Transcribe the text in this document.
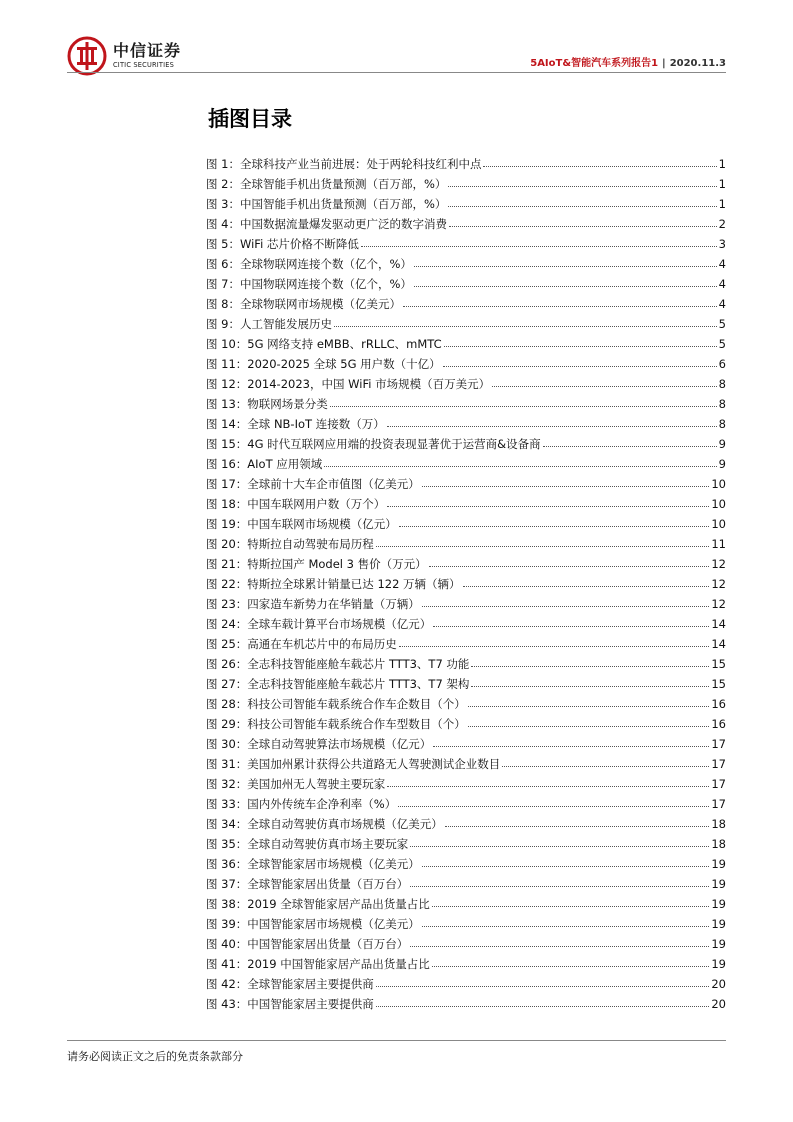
中信证券
CITIC SECURITIES	5AIoT&智能汽车系列报告1 | 2020.11.3
插图目录
图 1：全球科技产业当前进展：处于两轮科技红利中点	1
图 2：全球智能手机出货量预测（百万部，%）	1
图 3：中国智能手机出货量预测（百万部，%）	1
图 4：中国数据流量爆发驱动更广泛的数字消费	2
图 5：WiFi 芯片价格不断降低	3
图 6：全球物联网连接个数（亿个，%）	4
图 7：中国物联网连接个数（亿个，%）	4
图 8：全球物联网市场规模（亿美元）	4
图 9：人工智能发展历史	5
图 10：5G 网络支持 eMBB、rRLLC、mMTC	5
图 11：2020-2025 全球 5G 用户数（十亿）	6
图 12：2014-2023，中国 WiFi 市场规模（百万美元）	8
图 13：物联网场景分类	8
图 14：全球 NB-IoT 连接数（万）	8
图 15：4G 时代互联网应用端的投资表现显著优于运营商&设备商	9
图 16：AIoT 应用领域	9
图 17：全球前十大车企市值图（亿美元）	10
图 18：中国车联网用户数（万个）	10
图 19：中国车联网市场规模（亿元）	10
图 20：特斯拉自动驾驶布局历程	11
图 21：特斯拉国产 Model 3 售价（万元）	12
图 22：特斯拉全球累计销量已达 122 万辆（辆）	12
图 23：四家造车新势力在华销量（万辆）	12
图 24：全球车载计算平台市场规模（亿元）	14
图 25：高通在车机芯片中的布局历史	14
图 26：全志科技智能座舱车载芯片 TTT3、T7 功能	15
图 27：全志科技智能座舱车载芯片 TTT3、T7 架构	15
图 28：科技公司智能车载系统合作车企数目（个）	16
图 29：科技公司智能车载系统合作车型数目（个）	16
图 30：全球自动驾驶算法市场规模（亿元）	17
图 31：美国加州累计获得公共道路无人驾驶测试企业数目	17
图 32：美国加州无人驾驶主要玩家	17
图 33：国内外传统车企净利率（%）	17
图 34：全球自动驾驶仿真市场规模（亿美元）	18
图 35：全球自动驾驶仿真市场主要玩家	18
图 36：全球智能家居市场规模（亿美元）	19
图 37：全球智能家居出货量（百万台）	19
图 38：2019 全球智能家居产品出货量占比	19
图 39：中国智能家居市场规模（亿美元）	19
图 40：中国智能家居出货量（百万台）	19
图 41：2019 中国智能家居产品出货量占比	19
图 42：全球智能家居主要提供商	20
图 43：中国智能家居主要提供商	20
请务必阅读正文之后的免责条款部分
